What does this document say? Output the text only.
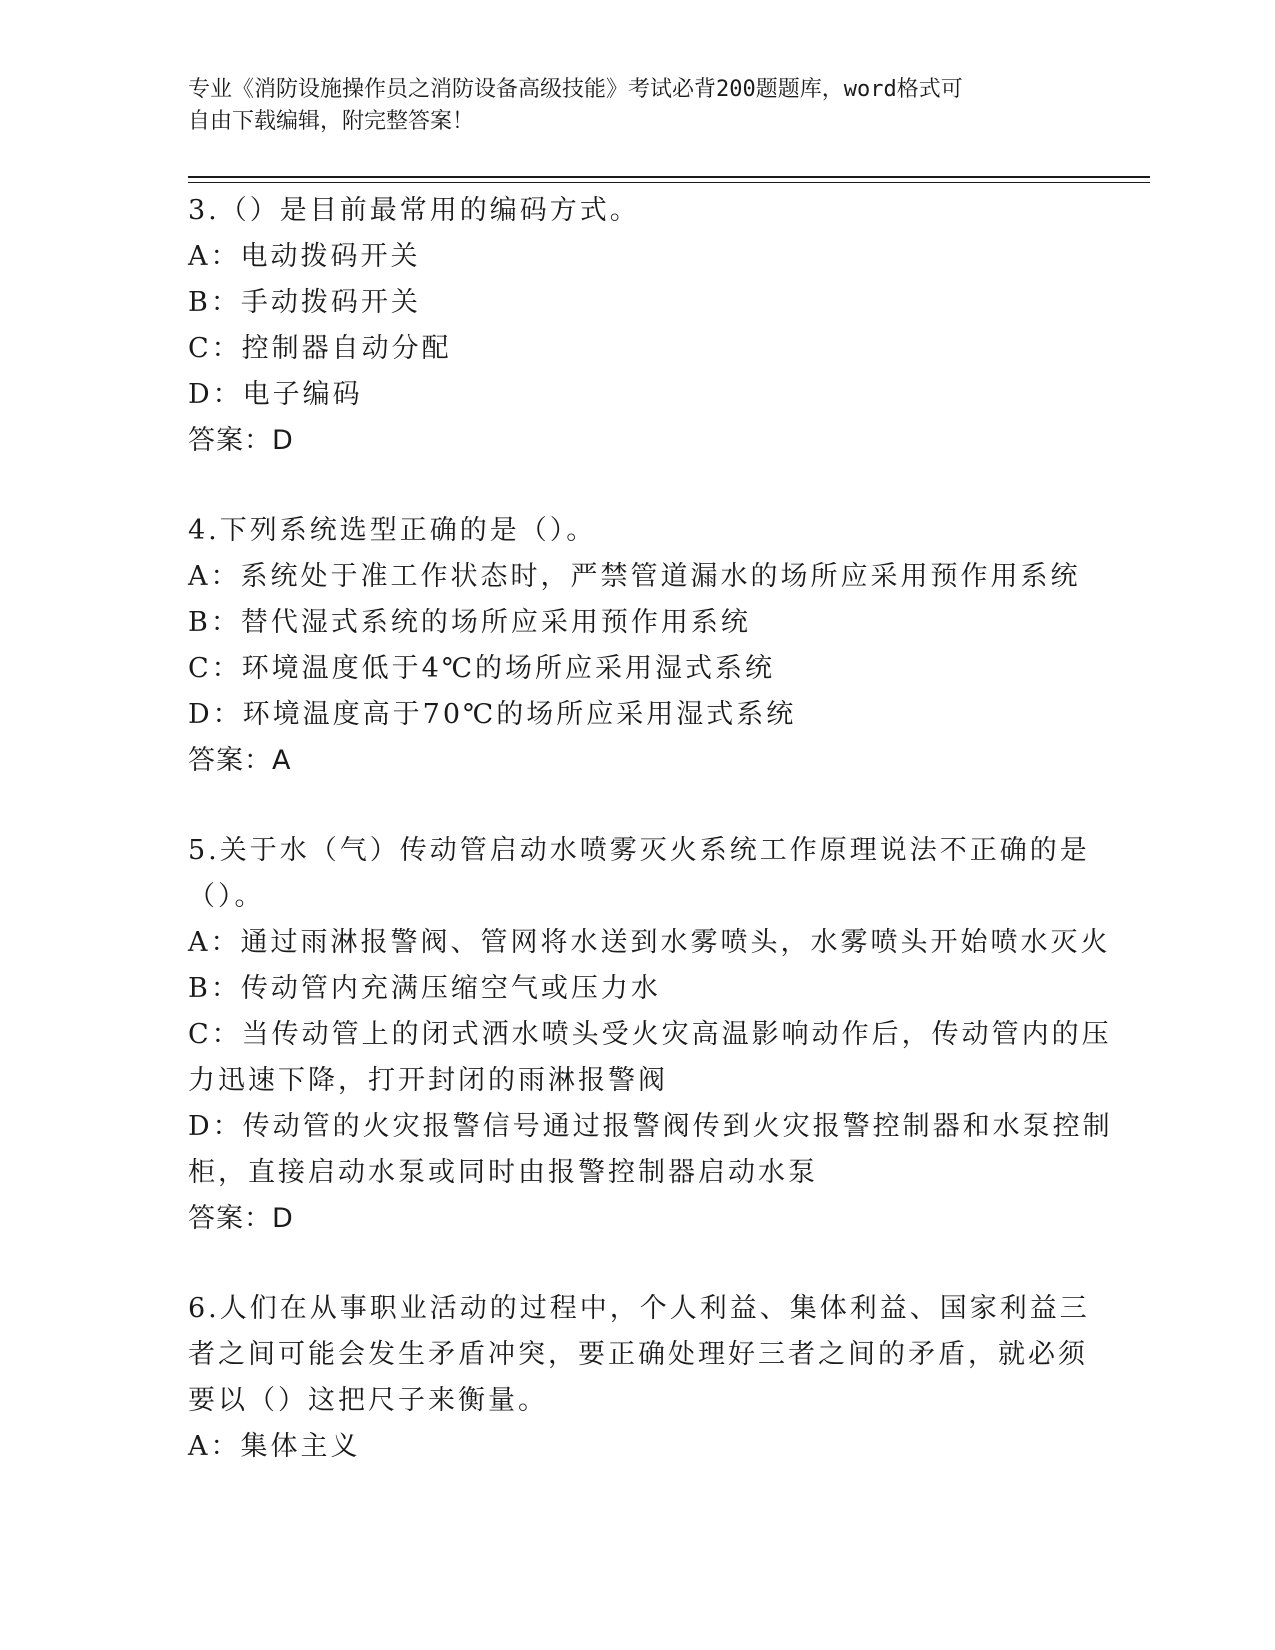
专业《消防设施操作员之消防设备高级技能》考试必背200题题库，word格式可
自由下载编辑，附完整答案！
3.（）是目前最常用的编码方式。
A：电动拨码开关
B：手动拨码开关
C：控制器自动分配
D：电子编码
答案：D
4.下列系统选型正确的是（）。
A：系统处于准工作状态时，严禁管道漏水的场所应采用预作用系统
B：替代湿式系统的场所应采用预作用系统
C：环境温度低于4℃的场所应采用湿式系统
D：环境温度高于70℃的场所应采用湿式系统
答案：A
5.关于水（气）传动管启动水喷雾灭火系统工作原理说法不正确的是
（）。
A：通过雨淋报警阀、管网将水送到水雾喷头，水雾喷头开始喷水灭火
B：传动管内充满压缩空气或压力水
C：当传动管上的闭式洒水喷头受火灾高温影响动作后，传动管内的压
力迅速下降，打开封闭的雨淋报警阀
D：传动管的火灾报警信号通过报警阀传到火灾报警控制器和水泵控制
柜，直接启动水泵或同时由报警控制器启动水泵
答案：D
6.人们在从事职业活动的过程中，个人利益、集体利益、国家利益三
者之间可能会发生矛盾冲突，要正确处理好三者之间的矛盾，就必须
要以（）这把尺子来衡量。
A：集体主义
